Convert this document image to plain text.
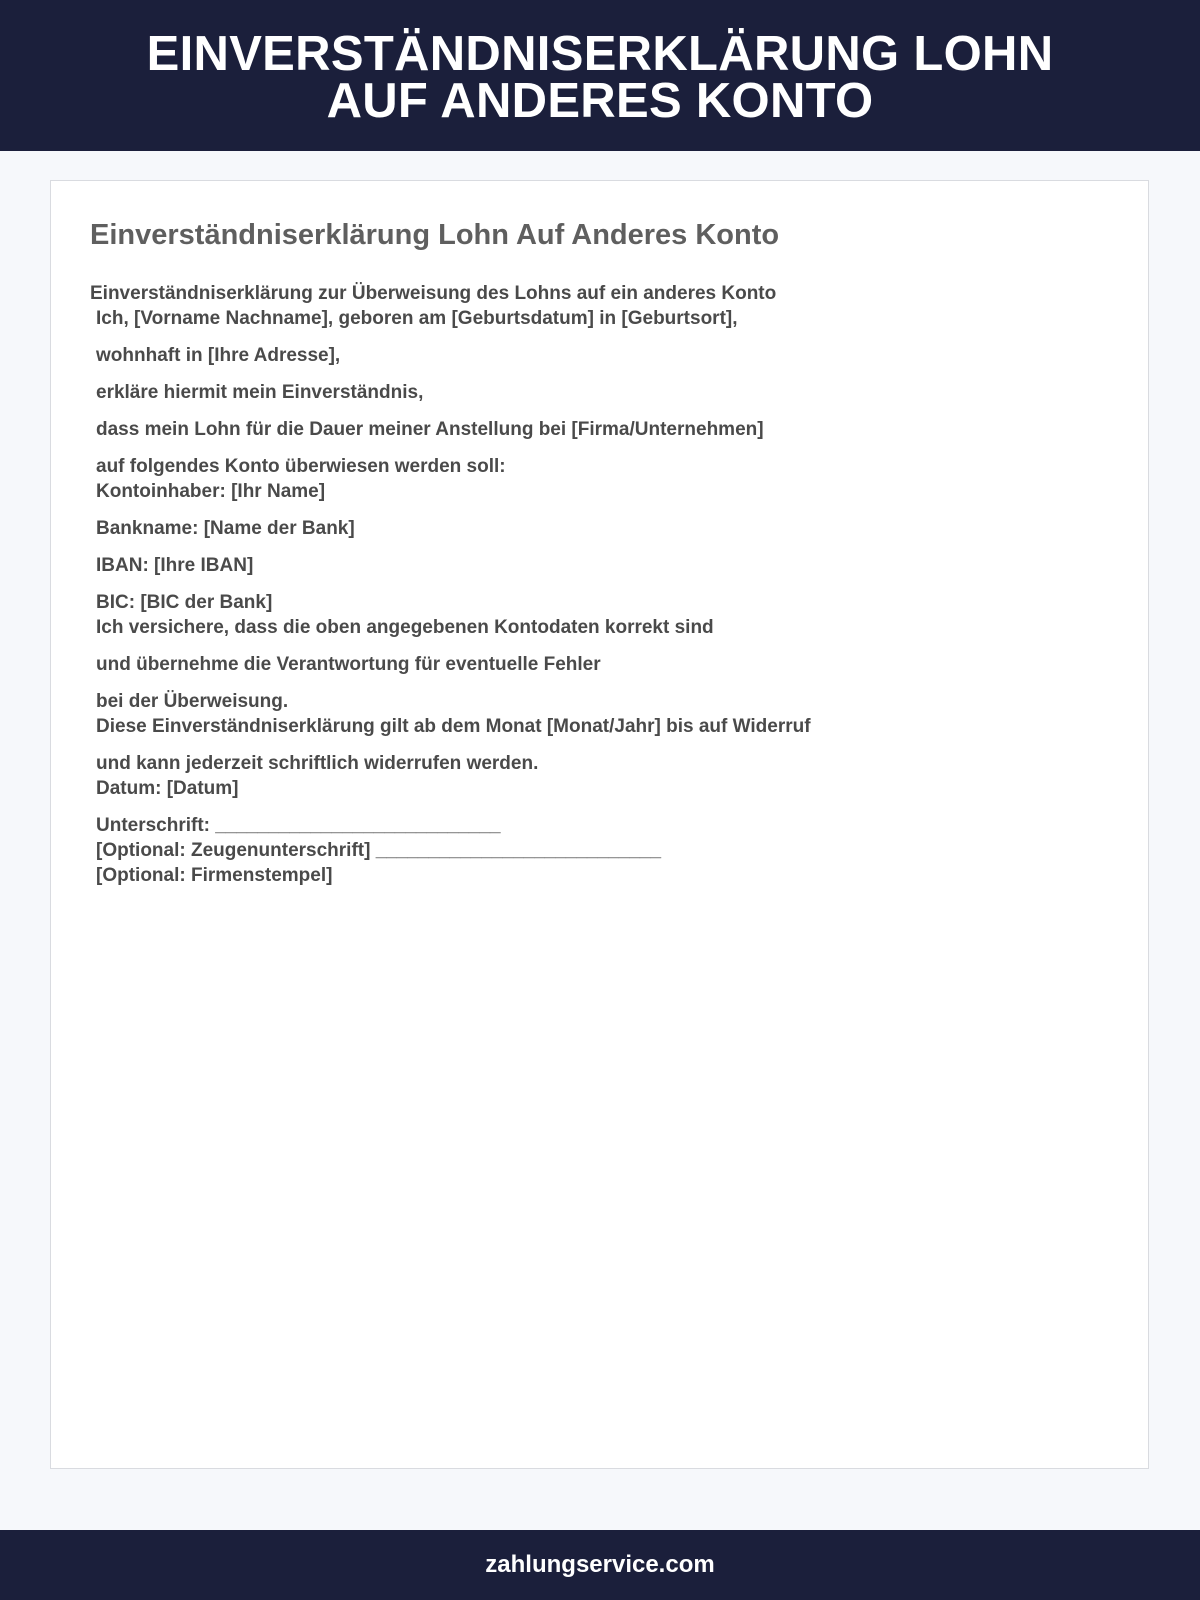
EINVERSTÄNDNISERKLÄRUNG LOHN
AUF ANDERES KONTO
Einverständniserklärung Lohn Auf Anderes Konto

Einverständniserklärung zur Überweisung des Lohns auf ein anderes Konto

Ich, [Vorname Nachname], geboren am [Geburtsdatum] in [Geburtsort],
wohnhaft in [Ihre Adresse],
erkläre hiermit mein Einverständnis,
dass mein Lohn für die Dauer meiner Anstellung bei [Firma/Unternehmen]
auf folgendes Konto überwiesen werden soll:
Kontoinhaber: [Ihr Name]
Bankname: [Name der Bank]
IBAN: [Ihre IBAN]
BIC: [BIC der Bank]
Ich versichere, dass die oben angegebenen Kontodaten korrekt sind
und übernehme die Verantwortung für eventuelle Fehler
bei der Überweisung.
Diese Einverständniserklärung gilt ab dem Monat [Monat/Jahr] bis auf Widerruf
und kann jederzeit schriftlich widerrufen werden.
Datum: [Datum]
Unterschrift: ___________________________
[Optional: Zeugenunterschrift] ___________________________
[Optional: Firmenstempel]
zahlungservice.com
